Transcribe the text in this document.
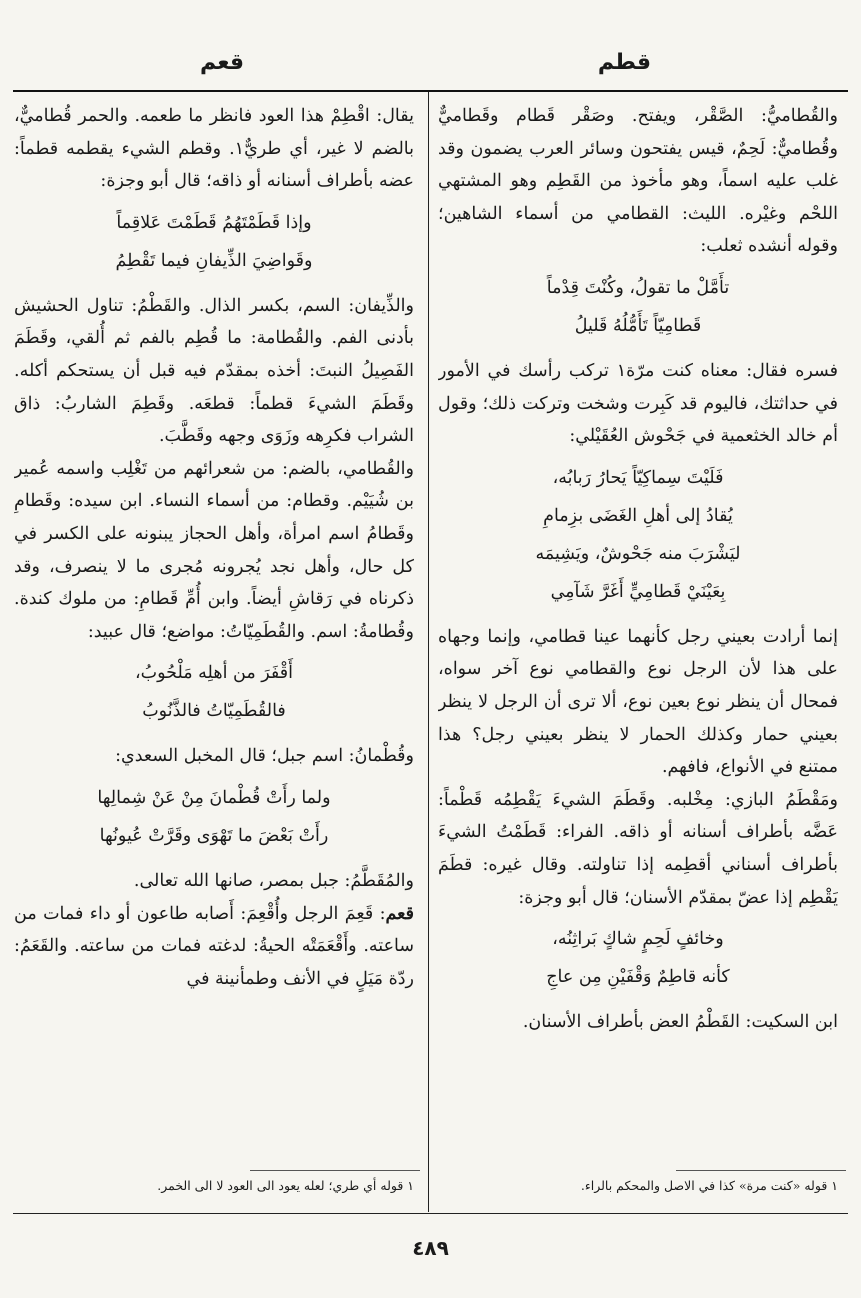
قطم
قعم

والقُطاميُّ: الصَّقْر، ويفتح. وصَقْر قَطام وقَطاميٌّ وقُطاميٌّ: لَحِمٌ، قيس يفتحون وسائر العرب يضمون وقد غلب عليه اسماً، وهو مأخوذ من القَطِم وهو المشتهي اللحْم وغيْره. الليث: القطامي من أسماء الشاهين؛ وقوله أنشده ثعلب:

تأَمَّلْ ما تقولُ، وكُنْتَ قِدْماً
قَطامِيّاً تَأَمُّلُهُ قَليلُ

فسره فقال: معناه كنت مرّة١ تركب رأسك في الأمور في حداثتك، فاليوم قد كَبِرت وشخت وتركت ذلك؛ وقول أم خالد الخثعمية في جَحْوش العُقَيْلي:

فَلَيْتَ سِماكِيّاً يَحارُ رَبابُه،
يُقادُ إلى أهلِ الغَضَى بزِمامِ
ليَشْرَبَ منه جَحْوشٌ، ويَشِيمَه
بِعَيْنَيْ قَطامِيٍّ أَغَرَّ شَآمِي

إنما أرادت بعيني رجل كأنهما عينا قطامي، وإنما وجهاه على هذا لأن الرجل نوع والقطامي نوع آخر سواه، فمحال أن ينظر نوع بعين نوع، ألا ترى أن الرجل لا ينظر بعيني حمار وكذلك الحمار لا ينظر بعيني رجل؟ هذا ممتنع في الأنواع، فافهم.

ومَقْطَمُ البازي: مِخْلبه. وقَطَمَ الشيءَ يَقْطِمُه قَطْماً: عَضَّه بأطراف أسنانه أو ذاقه. الفراء: قَطَمْتُ الشيءَ بأطراف أسناني أقطِمه إذا تناولته. وقال غيره: قطَمَ يَقْطِم إذا عضّ بمقدّم الأسنان؛ قال أبو وجزة:

وخائفٍ لَحِمٍ شاكٍ بَراثِنُه،
كأنه قاطِمٌ وَقْفَيْنِ مِن عاجِ

ابن السكيت: القَطْمُ العض بأطراف الأسنان.

يقال: اقْطِمْ هذا العود فانظر ما طعمه. والحمر قُطاميٌّ، بالضم لا غير، أي طريٌّ١. وقطم الشيء يقطمه قطماً: عضه بأطراف أسنانه أو ذاقه؛ قال أبو وجزة:

وإذا قَطَمْتَهُمُ قَطَمْتَ عَلاقِماً
وقَواضِيَ الذِّيفانِ فيما تَقْطِمُ

والذِّيفان: السم، بكسر الذال. والقَطْمُ: تناول الحشيش بأدنى الفم. والقُطامة: ما قُطِم بالفم ثم أُلقي، وقَطَمَ الفَصِيلُ النبتَ: أخذه بمقدّم فيه قبل أن يستحكم أكله. وقَطَمَ الشيءَ قطماً: قطعَه. وقَطِمَ الشاربُ: ذاق الشراب فكرِهه وزَوَى وجهه وقَطَّبَ.

والقُطامي، بالضم: من شعرائهم من تَغْلِب واسمه عُمير بن شُيَيْم. وقطام: من أسماء النساء. ابن سيده: وقَطامِ وقَطامُ اسم امرأة، وأهل الحجاز يبنونه على الكسر في كل حال، وأهل نجد يُجرونه مُجرى ما لا ينصرف، وقد ذكرناه في رَقاشِ أيضاً. وابن أُمِّ قَطامِ: من ملوك كندة. وقُطامةُ: اسم. والقُطَمِيّاتُ: مواضع؛ قال عبيد:

أَقْفَرَ من أهلِه مَلْحُوبُ،
فالقُطَمِيّاتُ فالذَّنُوبُ

وقُطْمانُ: اسم جبل؛ قال المخبل السعدي:

ولما رأَتْ قُطْمانَ مِنْ عَنْ شِمالِها
رأَتْ بَعْضَ ما تَهْوَى وقَرَّتْ عُيونُها

والمُقَطَّمُ: جبل بمصر، صانها الله تعالى.

قعم: قَعِمَ الرجل وأُقْعِمَ: أَصابه طاعون أو داء فمات من ساعته. وأَقْعَمَتْه الحيةُ: لدغته فمات من ساعته. والقَعَمُ: ردّة مَيَلٍ في الأنف وطمأنينة في

١ قوله «كنت مرة» كذا في الاصل والمحكم بالراء.
١ قوله أي طري؛ لعله يعود الى العود لا الى الخمر.
٤٨٩
